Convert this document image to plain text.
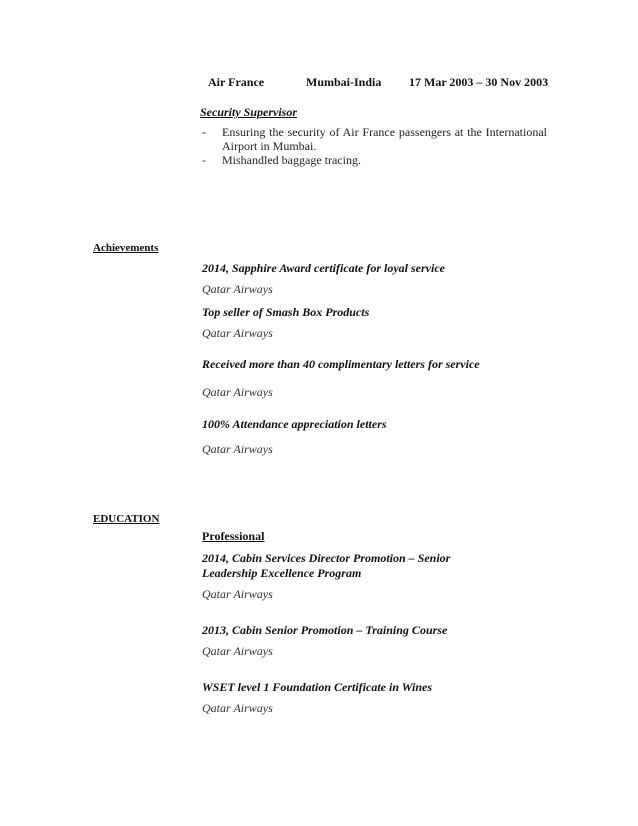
Air France	Mumbai-India 17 Mar 2003 – 30 Nov 2003
Security Supervisor
-	Ensuring the security of Air France passengers at the International Airport in Mumbai.
-	Mishandled baggage tracing.
Achievements
2014, Sapphire Award certificate for loyal service
Qatar Airways
Top seller of Smash Box Products
Qatar Airways
Received more than 40 complimentary letters for service
Qatar Airways
100% Attendance appreciation letters
Qatar Airways
EDUCATION
Professional
2014, Cabin Services Director Promotion – Senior Leadership Excellence Program
Qatar Airways
2013, Cabin Senior Promotion – Training Course
Qatar Airways
WSET level 1 Foundation Certificate in Wines
Qatar Airways
